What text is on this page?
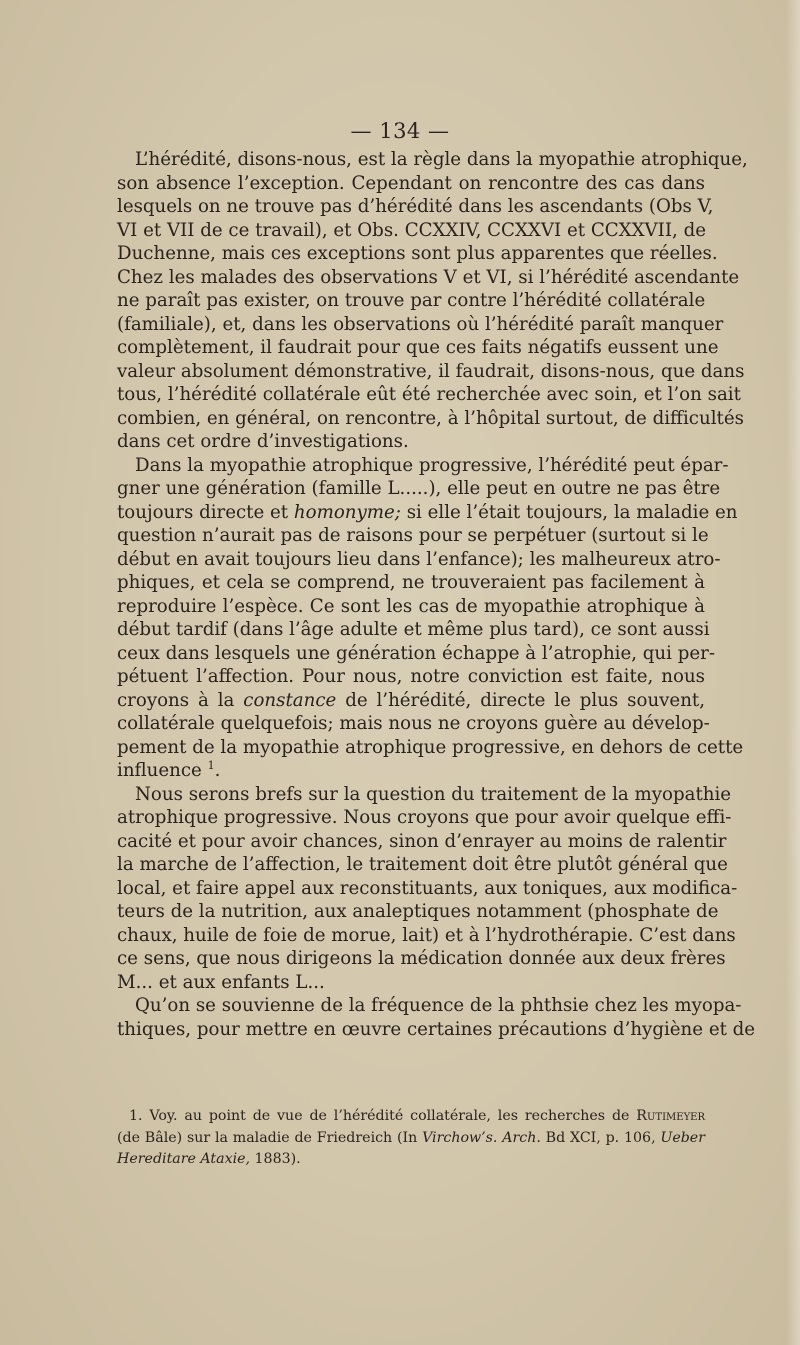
— 134 —
L’hérédité, disons-nous, est la règle dans la myopathie atrophique,
son absence l’exception. Cependant on rencontre des cas dans
lesquels on ne trouve pas d’hérédité dans les ascendants (Obs V,
VI et VII de ce travail), et Obs. CCXXIV, CCXXVI et CCXXVII, de
Duchenne, mais ces exceptions sont plus apparentes que réelles.
Chez les malades des observations V et VI, si l’hérédité ascendante
ne paraît pas exister, on trouve par contre l’hérédité collatérale
(familiale), et, dans les observations où l’hérédité paraît manquer
complètement, il faudrait pour que ces faits négatifs eussent une
valeur absolument démonstrative, il faudrait, disons-nous, que dans
tous, l’hérédité collatérale eût été recherchée avec soin, et l’on sait
combien, en général, on rencontre, à l’hôpital surtout, de difficultés
dans cet ordre d’investigations.
Dans la myopathie atrophique progressive, l’hérédité peut épar-
gner une génération (famille L.....), elle peut en outre ne pas être
toujours directe et homonyme; si elle l’était toujours, la maladie en
question n’aurait pas de raisons pour se perpétuer (surtout si le
début en avait toujours lieu dans l’enfance); les malheureux atro-
phiques, et cela se comprend, ne trouveraient pas facilement à
reproduire l’espèce. Ce sont les cas de myopathie atrophique à
début tardif (dans l’âge adulte et même plus tard), ce sont aussi
ceux dans lesquels une génération échappe à l’atrophie, qui per-
pétuent l’affection. Pour nous, notre conviction est faite, nous
croyons à la constance de l’hérédité, directe le plus souvent,
collatérale quelquefois; mais nous ne croyons guère au dévelop-
pement de la myopathie atrophique progressive, en dehors de cette
influence $^1$.
Nous serons brefs sur la question du traitement de la myopathie
atrophique progressive. Nous croyons que pour avoir quelque effi-
cacité et pour avoir chances, sinon d’enrayer au moins de ralentir
la marche de l’affection, le traitement doit être plutôt général que
local, et faire appel aux reconstituants, aux toniques, aux modifica-
teurs de la nutrition, aux analeptiques notamment (phosphate de
chaux, huile de foie de morue, lait) et à l’hydrothérapie. C’est dans
ce sens, que nous dirigeons la médication donnée aux deux frères
M... et aux enfants L...
Qu’on se souvienne de la fréquence de la phthsie chez les myopa-
thiques, pour mettre en œuvre certaines précautions d’hygiène et de
1. Voy. au point de vue de l’hérédité collatérale, les recherches de Rutimeyer
(de Bâle) sur la maladie de Friedreich (In Virchow’s. Arch. Bd XCI, p. 106, Ueber
Hereditare Ataxie, 1883).
